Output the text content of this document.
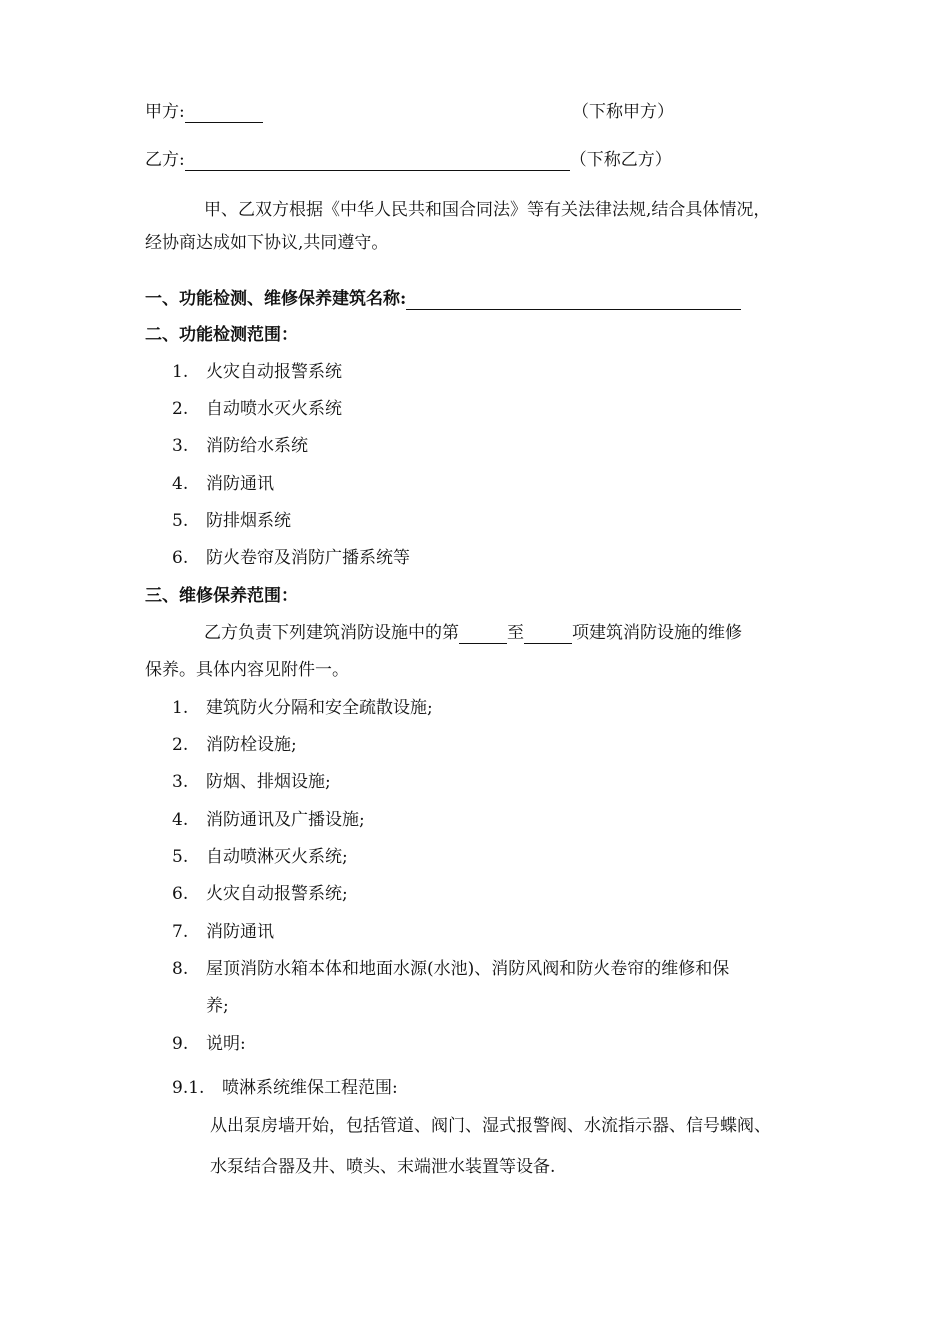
甲方:	（下称甲方）
乙方:	（下称乙方）
甲、乙双方根据《中华人民共和国合同法》等有关法律法规,结合具体情况，
经协商达成如下协议,共同遵守。
一、功能检测、维修保养建筑名称:
二、功能检测范围：
1. 火灾自动报警系统
2. 自动喷水灭火系统
3. 消防给水系统
4. 消防通讯
5. 防排烟系统
6. 防火卷帘及消防广播系统等
三、维修保养范围：
乙方负责下列建筑消防设施中的第	至	项建筑消防设施的维修
保养。具体内容见附件一。
1. 建筑防火分隔和安全疏散设施;
2. 消防栓设施;
3. 防烟、排烟设施;
4. 消防通讯及广播设施;
5. 自动喷淋灭火系统;
6. 火灾自动报警系统;
7. 消防通讯
8. 屋顶消防水箱本体和地面水源(水池)、消防风阀和防火卷帘的维修和保
养;
9. 说明:
9.1. 喷淋系统维保工程范围:
从出泵房墙开始，包括管道、阀门、湿式报警阀、水流指示器、信号蝶阀、
水泵结合器及井、喷头、末端泄水装置等设备.
